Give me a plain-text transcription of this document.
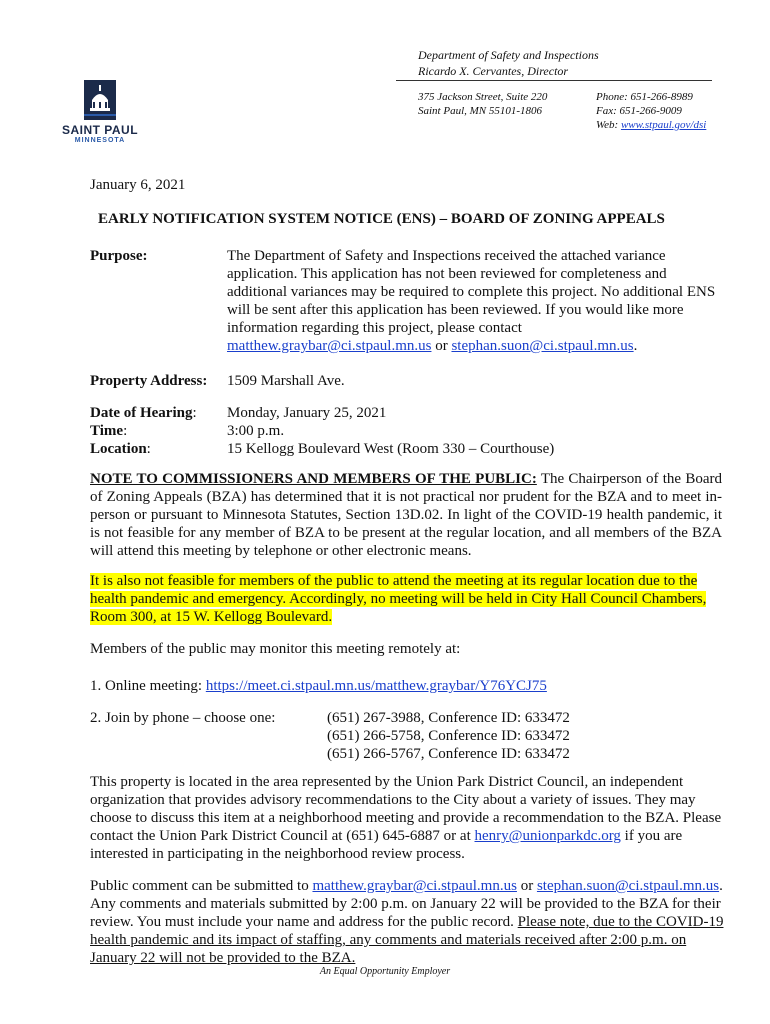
SAINT PAUL
MINNESOTA
Department of Safety and Inspections
Ricardo X. Cervantes, Director
375 Jackson Street, Suite 220
Saint Paul, MN 55101-1806
Phone: 651-266-8989
Fax: 651-266-9009
Web: www.stpaul.gov/dsi
January 6, 2021
EARLY NOTIFICATION SYSTEM NOTICE (ENS) – BOARD OF ZONING APPEALS
Purpose:	The Department of Safety and Inspections received the attached variance application. This application has not been reviewed for completeness and additional variances may be required to complete this project. No additional ENS will be sent after this application has been reviewed. If you would like more information regarding this project, please contact matthew.graybar@ci.stpaul.mn.us or stephan.suon@ci.stpaul.mn.us.
Property Address: 1509 Marshall Ave.
Date of Hearing:
Time:
Location:
Monday, January 25, 2021
3:00 p.m.
15 Kellogg Boulevard West (Room 330 – Courthouse)
NOTE TO COMMISSIONERS AND MEMBERS OF THE PUBLIC: The Chairperson of the Board of Zoning Appeals (BZA) has determined that it is not practical nor prudent for the BZA and to meet in-person or pursuant to Minnesota Statutes, Section 13D.02. In light of the COVID-19 health pandemic, it is not feasible for any member of BZA to be present at the regular location, and all members of the BZA will attend this meeting by telephone or other electronic means.
It is also not feasible for members of the public to attend the meeting at its regular location due to the health pandemic and emergency. Accordingly, no meeting will be held in City Hall Council Chambers, Room 300, at 15 W. Kellogg Boulevard.
Members of the public may monitor this meeting remotely at:
1. Online meeting: https://meet.ci.stpaul.mn.us/matthew.graybar/Y76YCJ75
2. Join by phone – choose one:	(651) 267-3988, Conference ID: 633472
(651) 266-5758, Conference ID: 633472
(651) 266-5767, Conference ID: 633472
This property is located in the area represented by the Union Park District Council, an independent organization that provides advisory recommendations to the City about a variety of issues. They may choose to discuss this item at a neighborhood meeting and provide a recommendation to the BZA. Please contact the Union Park District Council at (651) 645-6887 or at henry@unionparkdc.org if you are interested in participating in the neighborhood review process.
Public comment can be submitted to matthew.graybar@ci.stpaul.mn.us or stephan.suon@ci.stpaul.mn.us. Any comments and materials submitted by 2:00 p.m. on January 22 will be provided to the BZA for their review. You must include your name and address for the public record. Please note, due to the COVID-19 health pandemic and its impact of staffing, any comments and materials received after 2:00 p.m. on January 22 will not be provided to the BZA.
An Equal Opportunity Employer
